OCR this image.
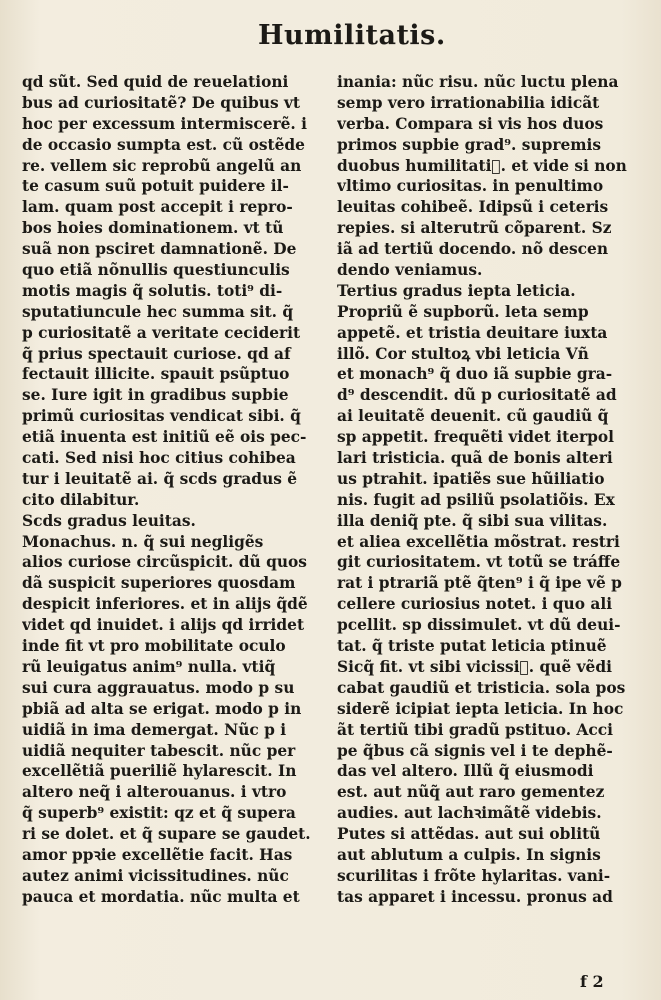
Humilitatis.
qd sũt. Sed quid de reuelationi
bus ad curiositatẽ? De quibus vt
hoc per excessum intermiscerẽ. i
de occasio sumpta est. cũ ostẽde
re. vellem sic reprobũ angelũ an
te casum suũ potuit puidere il-
lam. quam post accepit i repro-
bos hoies dominationem. vt tũ
suã non psciret damnationẽ. De
quo etiã nõnullis questiunculis
motis magis q̃ solutis. toti⁹ di-
sputatiuncule hec summa sit. q̃
p curiositatẽ a veritate ceciderit
q̃ prius spectauit curiose. qd af
fectauit illicite. spauit psũptuo
se. Iure igit in gradibus supbie
primũ curiositas vendicat sibi. q̃
etiã inuenta est initiũ eẽ ois pec-
cati. Sed nisi hoc citius cohibea
tur i leuitatẽ ai. q̃ scds gradus ẽ
cito dilabitur.
Scds gradus leuitas.
Monachus. n. q̃ sui negligẽs
alios curiose circũspicit. dũ quos
dã suspicit superiores quosdam
despicit inferiores. et in alijs q̃dẽ
videt qd inuidet. i alijs qd irridet
inde fit vt pro mobilitate oculo
rũ leuigatus anim⁹ nulla. vtiq̃
sui cura aggrauatus. modo p su
pbiã ad alta se erigat. modo p in
uidiã in ima demergat. Nũc p i
uidiã nequiter tabescit. nũc per
excellẽtiã pueriliẽ hylarescit. In
altero neq̃ i alterouanus. i vtro
q̃ superb⁹ existit: qz et q̃ supera
ri se dolet. et q̃ supare se gaudet.
amor ppꝛie excellẽtie facit. Has
autez animi vicissitudines. nũc
pauca et mordatia. nũc multa et
inania: nũc risu. nũc luctu plena
semp vero irrationabilia idicãt
verba. Compara si vis hos duos
primos supbie grad⁹. supremis
duobus humilitatiᷓ. et vide si non
vltimo curiositas. in penultimo
leuitas cohibeẽ. Idipsũ i ceteris
repies. si alterutrũ cõparent. Sz
iã ad tertiũ docendo. nõ descen
dendo veniamus.
Tertius gradus iepta leticia.
Propriũ ẽ supborũ. leta semp
appetẽ. et tristia deuitare iuxta
illõ. Cor stultoꝝ vbi leticia Vñ
et monach⁹ q̃ duo iã supbie gra-
d⁹ descendit. dũ p curiositatẽ ad
ai leuitatẽ deuenit. cũ gaudiũ q̃
sp appetit. frequẽti videt iterpol
lari tristicia. quã de bonis alteri
us ptrahit. ipatiẽs sue hũiliatio
nis. fugit ad psiliũ psolatiõis. Ex
illa deniq̃ pte. q̃ sibi sua vilitas.
et aliea excellẽtia mõstrat. restri
git curiositatem. vt totũ se tráffe
rat i ptrariã ptẽ q̃ten⁹ i q̃ ipe vẽ p
cellere curiosius notet. i quo ali
pcellit. sp dissimulet. vt dũ deui-
tat. q̃ triste putat leticia ptinuẽ
Sicq̃ fit. vt sibi vicissiᷓ. quẽ vẽdi
cabat gaudiũ et tristicia. sola pos
siderẽ icipiat iepta leticia. In hoc
ãt tertiũ tibi gradũ pstituo. Acci
pe q̃bus cã signis vel i te dephẽ-
das vel altero. Illũ q̃ eiusmodi
est. aut nũq̃ aut raro gementez
audies. aut lachꝛimãtẽ videbis.
Putes si attẽdas. aut sui oblitũ
aut ablutum a culpis. In signis
scurilitas i frõte hylaritas. vani-
tas apparet i incessu. pronus ad
f 2
